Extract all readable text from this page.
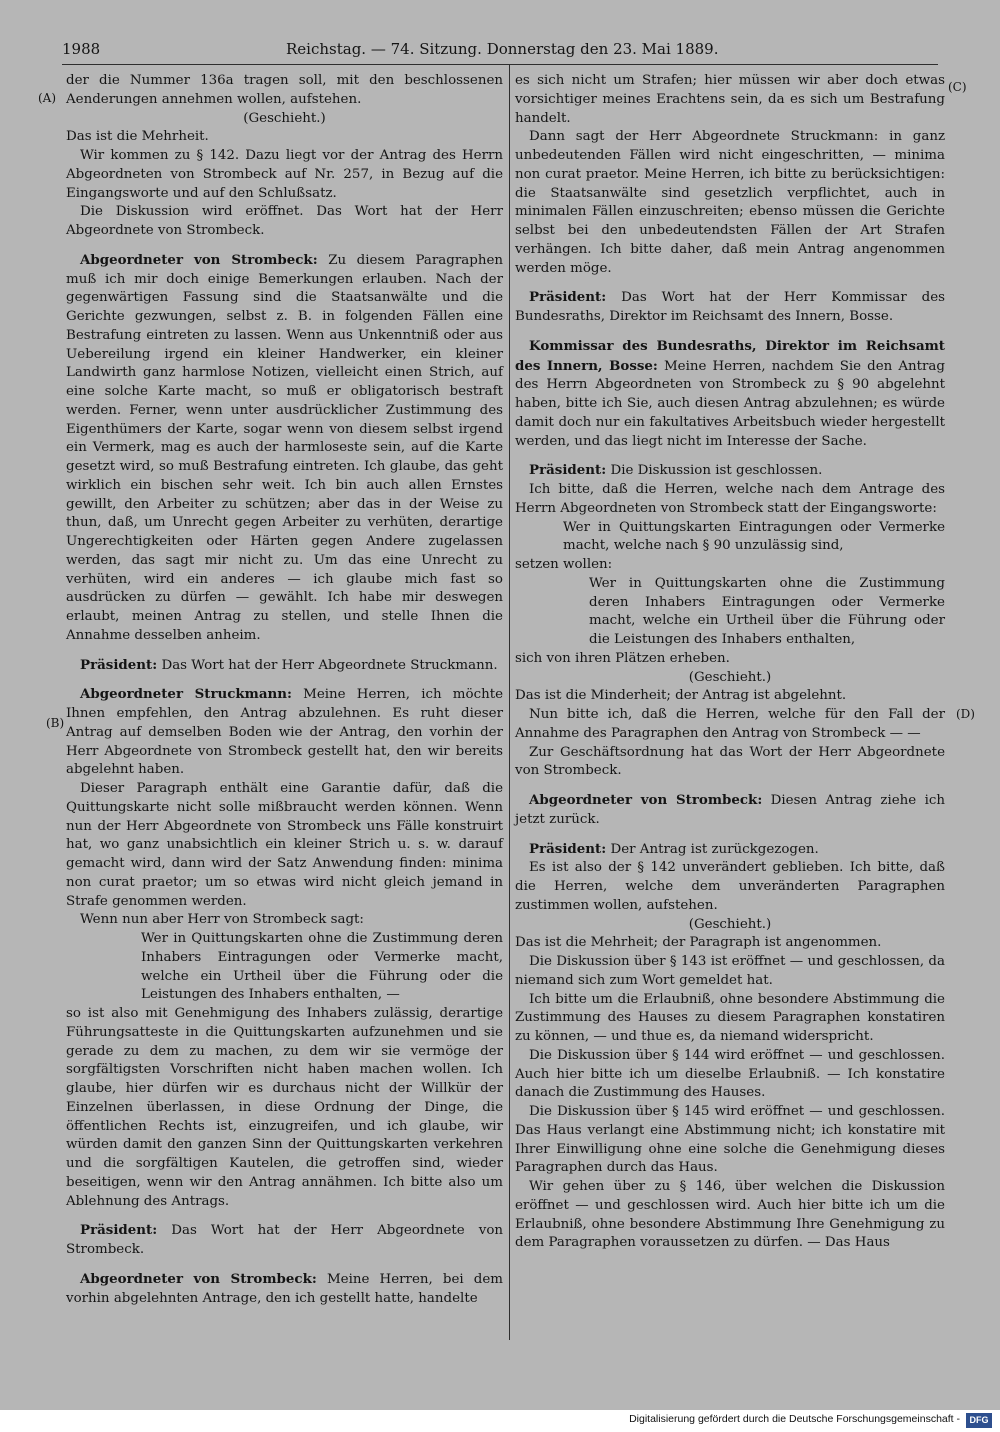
1988	Reichstag. — 74. Sitzung. Donnerstag den 23. Mai 1889.
(A)
(B)
(C)
(D)

der die Nummer 136a tragen soll, mit den beschlossenen Aenderungen annehmen wollen, aufstehen.

(Geschieht.)

Das ist die Mehrheit.

Wir kommen zu § 142. Dazu liegt vor der Antrag des Herrn Abgeordneten von Strombeck auf Nr. 257, in Bezug auf die Eingangsworte und auf den Schlußsatz.

Die Diskussion wird eröffnet. Das Wort hat der Herr Abgeordnete von Strombeck.

Abgeordneter von Strombeck: Zu diesem Paragraphen muß ich mir doch einige Bemerkungen erlauben. Nach der gegenwärtigen Fassung sind die Staatsanwälte und die Gerichte gezwungen, selbst z. B. in folgenden Fällen eine Bestrafung eintreten zu lassen. Wenn aus Unkenntniß oder aus Uebereilung irgend ein kleiner Handwerker, ein kleiner Landwirth ganz harmlose Notizen, vielleicht einen Strich, auf eine solche Karte macht, so muß er obligatorisch bestraft werden. Ferner, wenn unter ausdrücklicher Zustimmung des Eigenthümers der Karte, sogar wenn von diesem selbst irgend ein Vermerk, mag es auch der harmloseste sein, auf die Karte gesetzt wird, so muß Bestrafung eintreten. Ich glaube, das geht wirklich ein bischen sehr weit. Ich bin auch allen Ernstes gewillt, den Arbeiter zu schützen; aber das in der Weise zu thun, daß, um Unrecht gegen Arbeiter zu verhüten, derartige Ungerechtigkeiten oder Härten gegen Andere zugelassen werden, das sagt mir nicht zu. Um das eine Unrecht zu verhüten, wird ein anderes — ich glaube mich fast so ausdrücken zu dürfen — gewählt. Ich habe mir deswegen erlaubt, meinen Antrag zu stellen, und stelle Ihnen die Annahme desselben anheim.

Präsident: Das Wort hat der Herr Abgeordnete Struckmann.

Abgeordneter Struckmann: Meine Herren, ich möchte Ihnen empfehlen, den Antrag abzulehnen. Es ruht dieser Antrag auf demselben Boden wie der Antrag, den vorhin der Herr Abgeordnete von Strombeck gestellt hat, den wir bereits abgelehnt haben.

Dieser Paragraph enthält eine Garantie dafür, daß die Quittungskarte nicht solle mißbraucht werden können. Wenn nun der Herr Abgeordnete von Strombeck uns Fälle konstruirt hat, wo ganz unabsichtlich ein kleiner Strich u. s. w. darauf gemacht wird, dann wird der Satz Anwendung finden: minima non curat praetor; um so etwas wird nicht gleich jemand in Strafe genommen werden.

Wenn nun aber Herr von Strombeck sagt:

Wer in Quittungskarten ohne die Zustimmung deren Inhabers Eintragungen oder Vermerke macht, welche ein Urtheil über die Führung oder die Leistungen des Inhabers enthalten, —

so ist also mit Genehmigung des Inhabers zulässig, derartige Führungsatteste in die Quittungskarten aufzunehmen und sie gerade zu dem zu machen, zu dem wir sie vermöge der sorgfältigsten Vorschriften nicht haben machen wollen. Ich glaube, hier dürfen wir es durchaus nicht der Willkür der Einzelnen überlassen, in diese Ordnung der Dinge, die öffentlichen Rechts ist, einzugreifen, und ich glaube, wir würden damit den ganzen Sinn der Quittungskarten verkehren und die sorgfältigen Kautelen, die getroffen sind, wieder beseitigen, wenn wir den Antrag annähmen. Ich bitte also um Ablehnung des Antrags.

Präsident: Das Wort hat der Herr Abgeordnete von Strombeck.

Abgeordneter von Strombeck: Meine Herren, bei dem vorhin abgelehnten Antrage, den ich gestellt hatte, handelte

es sich nicht um Strafen; hier müssen wir aber doch etwas vorsichtiger meines Erachtens sein, da es sich um Bestrafung handelt.

Dann sagt der Herr Abgeordnete Struckmann: in ganz unbedeutenden Fällen wird nicht eingeschritten, — minima non curat praetor. Meine Herren, ich bitte zu berücksichtigen: die Staatsanwälte sind gesetzlich verpflichtet, auch in minimalen Fällen einzuschreiten; ebenso müssen die Gerichte selbst bei den unbedeutendsten Fällen der Art Strafen verhängen. Ich bitte daher, daß mein Antrag angenommen werden möge.

Präsident: Das Wort hat der Herr Kommissar des Bundesraths, Direktor im Reichsamt des Innern, Bosse.

Kommissar des Bundesraths, Direktor im Reichsamt des Innern, Bosse: Meine Herren, nachdem Sie den Antrag des Herrn Abgeordneten von Strombeck zu § 90 abgelehnt haben, bitte ich Sie, auch diesen Antrag abzulehnen; es würde damit doch nur ein fakultatives Arbeitsbuch wieder hergestellt werden, und das liegt nicht im Interesse der Sache.

Präsident: Die Diskussion ist geschlossen.

Ich bitte, daß die Herren, welche nach dem Antrage des Herrn Abgeordneten von Strombeck statt der Eingangsworte:

Wer in Quittungskarten Eintragungen oder Vermerke macht, welche nach § 90 unzulässig sind,

setzen wollen:

Wer in Quittungskarten ohne die Zustimmung deren Inhabers Eintragungen oder Vermerke macht, welche ein Urtheil über die Führung oder die Leistungen des Inhabers enthalten,

sich von ihren Plätzen erheben.

(Geschieht.)

Das ist die Minderheit; der Antrag ist abgelehnt.

Nun bitte ich, daß die Herren, welche für den Fall der Annahme des Paragraphen den Antrag von Strombeck — —

Zur Geschäftsordnung hat das Wort der Herr Abgeordnete von Strombeck.

Abgeordneter von Strombeck: Diesen Antrag ziehe ich jetzt zurück.

Präsident: Der Antrag ist zurückgezogen.

Es ist also der § 142 unverändert geblieben. Ich bitte, daß die Herren, welche dem unveränderten Paragraphen zustimmen wollen, aufstehen.

(Geschieht.)

Das ist die Mehrheit; der Paragraph ist angenommen.

Die Diskussion über § 143 ist eröffnet — und geschlossen, da niemand sich zum Wort gemeldet hat.

Ich bitte um die Erlaubniß, ohne besondere Abstimmung die Zustimmung des Hauses zu diesem Paragraphen konstatiren zu können, — und thue es, da niemand widerspricht.

Die Diskussion über § 144 wird eröffnet — und geschlossen. Auch hier bitte ich um dieselbe Erlaubniß. — Ich konstatire danach die Zustimmung des Hauses.

Die Diskussion über § 145 wird eröffnet — und geschlossen. Das Haus verlangt eine Abstimmung nicht; ich konstatire mit Ihrer Einwilligung ohne eine solche die Genehmigung dieses Paragraphen durch das Haus.

Wir gehen über zu § 146, über welchen die Diskussion eröffnet — und geschlossen wird. Auch hier bitte ich um die Erlaubniß, ohne besondere Abstimmung Ihre Genehmigung zu dem Paragraphen voraussetzen zu dürfen. — Das Haus

Digitalisierung gefördert durch die Deutsche Forschungsgemeinschaft -	DFG
